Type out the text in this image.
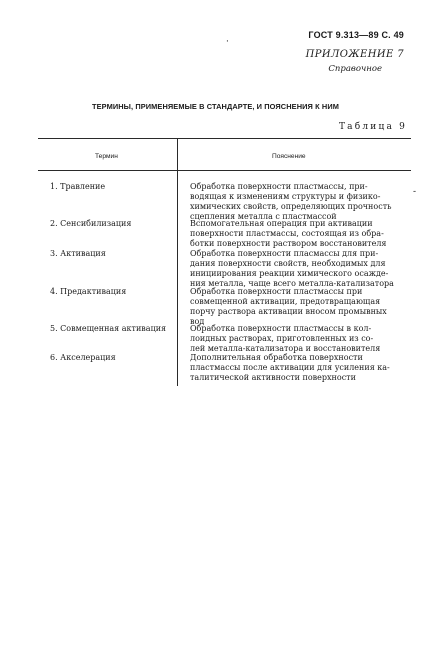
ГОСТ 9.313—89 С. 49
ПРИЛОЖЕНИЕ 7
Справочное
·
ТЕРМИНЫ, ПРИМЕНЯЕМЫЕ В СТАНДАРТЕ, И ПОЯСНЕНИЯ К НИМ
Таблица 9
Термин	Пояснение
1. Травление	Обработка поверхности пластмассы, при-
водящая к изменениям структуры и физико-
химических свойств, определяющих прочность
сцепления металла с пластмассой
-
2. Сенсибилизация	Вспомогательная операция при активации
поверхности пластмассы, состоящая из обра-
ботки поверхности раствором восстановителя
3. Активация	Обработка поверхности пласмассы для при-
дания поверхности свойств, необходимых для
инициирования реакции химического осажде-
ния металла, чаще всего металла-катализатора
4. Предактивация	Обработка поверхности пластмассы при
совмещенной активации, предотвращающая
порчу раствора активации вносом промывных
вод
5. Совмещенная активация	Обработка поверхности пластмассы в кол-
лоидных растворах, приготовленных из со-
лей металла-катализатора и восстановителя
6. Акселерация	Дополнительная обработка поверхности
пластмассы после активации для усиления ка-
талитической активности поверхности
